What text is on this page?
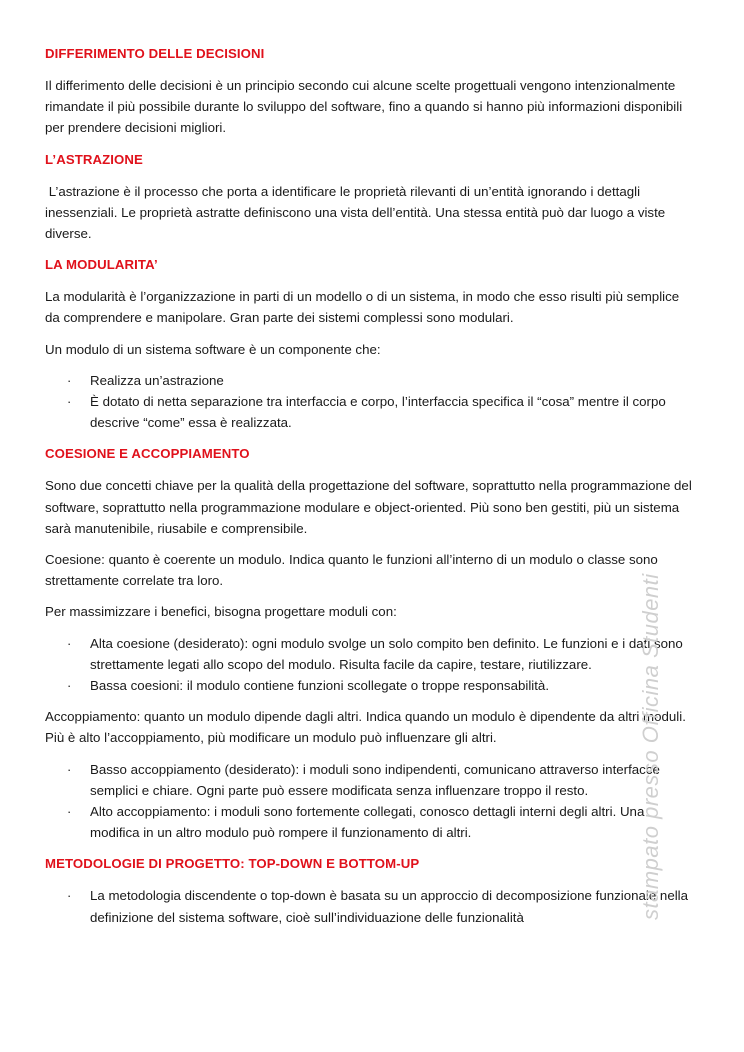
DIFFERIMENTO DELLE DECISIONI

Il differimento delle decisioni è un principio secondo cui alcune scelte progettuali vengono intenzionalmente rimandate il più possibile durante lo sviluppo del software, fino a quando si hanno più informazioni disponibili per prendere decisioni migliori.

L’ASTRAZIONE

L’astrazione è il processo che porta a identificare le proprietà rilevanti di un’entità ignorando i dettagli inessenziali. Le proprietà astratte definiscono una vista dell’entità. Una stessa entità può dar luogo a viste diverse.

LA MODULARITA’

La modularità è l’organizzazione in parti di un modello o di un sistema, in modo che esso risulti più semplice da comprendere e manipolare. Gran parte dei sistemi complessi sono modulari.

Un modulo di un sistema software è un componente che:

· Realizza un’astrazione
· È dotato di netta separazione tra interfaccia e corpo, l’interfaccia specifica il “cosa” mentre il corpo descrive “come” essa è realizzata.
COESIONE E ACCOPPIAMENTO

Sono due concetti chiave per la qualità della progettazione del software, soprattutto nella programmazione del software, soprattutto nella programmazione modulare e object-oriented. Più sono ben gestiti, più un sistema sarà manutenibile, riusabile e comprensibile.

Coesione: quanto è coerente un modulo. Indica quanto le funzioni all’interno di un modulo o classe sono strettamente correlate tra loro.

Per massimizzare i benefici, bisogna progettare moduli con:

· Alta coesione (desiderato): ogni modulo svolge un solo compito ben definito. Le funzioni e i dati sono strettamente legati allo scopo del modulo. Risulta facile da capire, testare, riutilizzare.
· Bassa coesioni: il modulo contiene funzioni scollegate o troppe responsabilità.

Accoppiamento: quanto un modulo dipende dagli altri. Indica quando un modulo è dipendente da altri moduli. Più è alto l’accoppiamento, più modificare un modulo può influenzare gli altri.

· Basso accoppiamento (desiderato): i moduli sono indipendenti, comunicano attraverso interfacce semplici e chiare. Ogni parte può essere modificata senza influenzare troppo il resto.
· Alto accoppiamento: i moduli sono fortemente collegati, conosco dettagli interni degli altri. Una modifica in un altro modulo può rompere il funzionamento di altri.
METODOLOGIE DI PROGETTO: TOP-DOWN E BOTTOM-UP
· La metodologia discendente o top-down è basata su un approccio di decomposizione funzionale nella definizione del sistema software, cioè sull’individuazione delle funzionalità	stampato presso Officina Studenti
